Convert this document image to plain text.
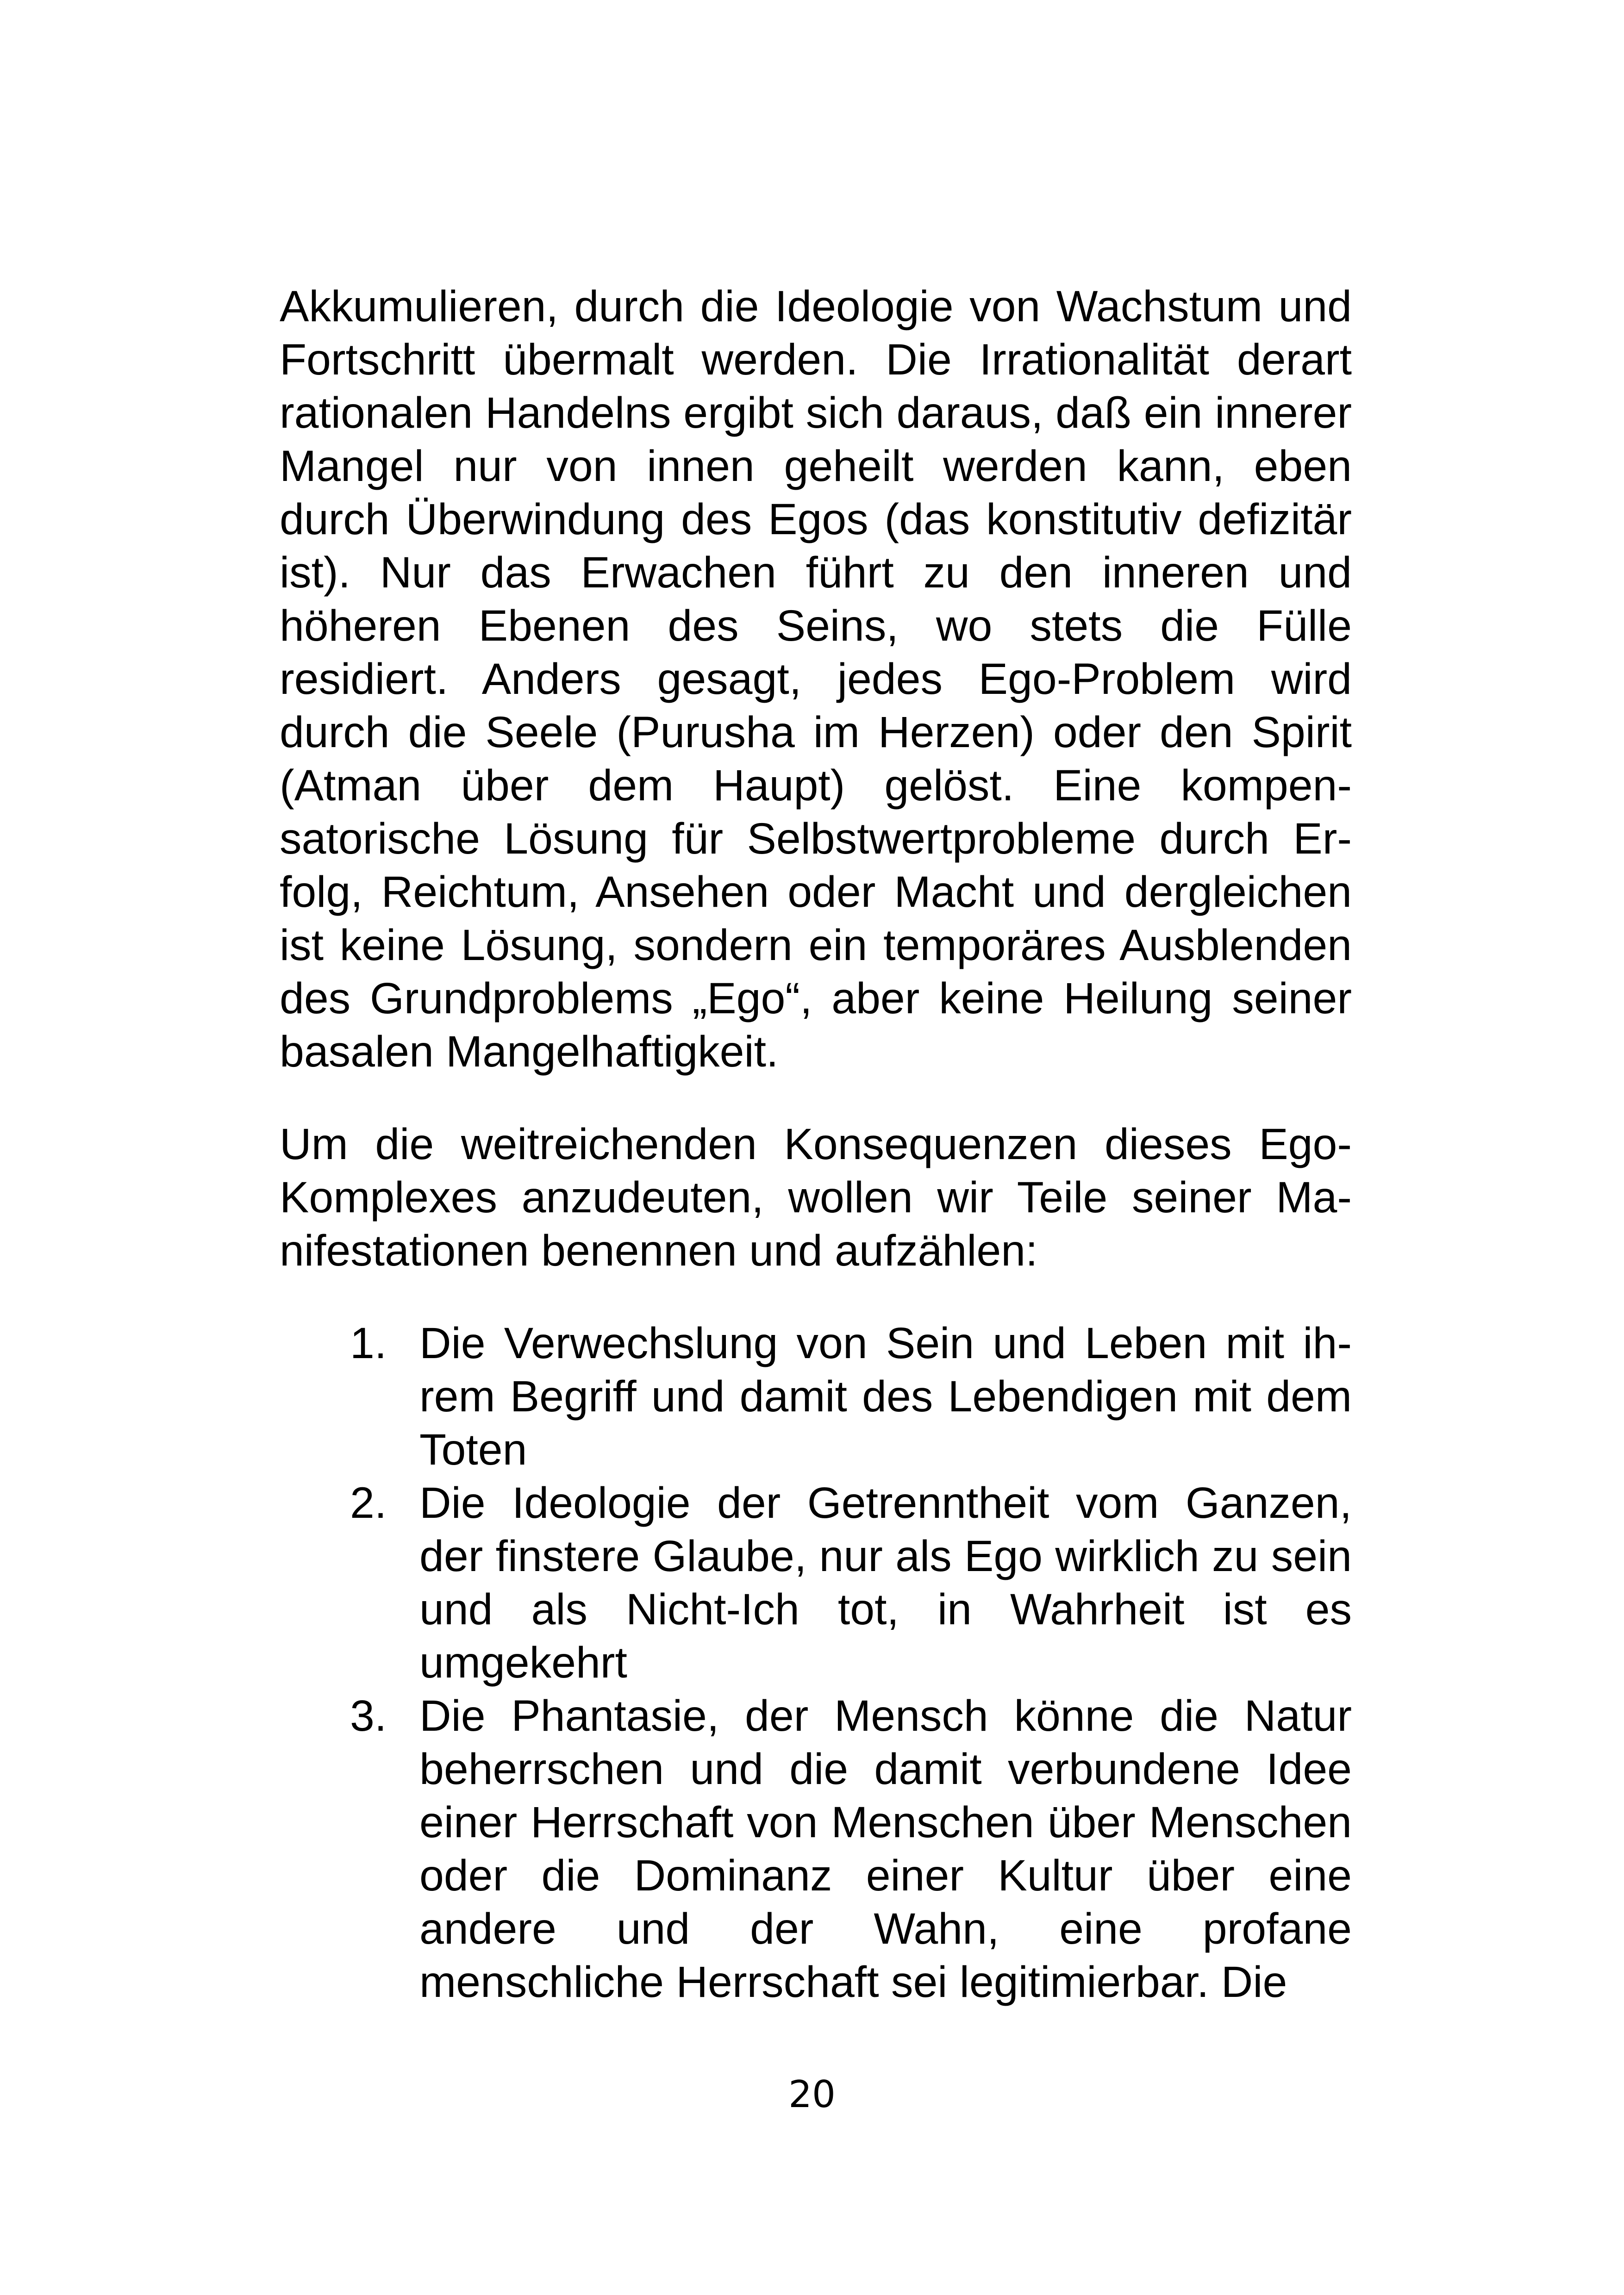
Akkumulieren, durch die Ideologie von Wachstum und Fortschritt übermalt werden. Die Irrationalität derart rationalen Handelns ergibt sich daraus, daß ein innerer Mangel nur von innen geheilt werden kann, eben durch Überwindung des Egos (das konstitutiv defizitär ist). Nur das Erwachen führt zu den inneren und höheren Ebenen des Seins, wo stets die Fülle residiert. Anders gesagt, jedes Ego-Problem wird durch die Seele (Purusha im Herzen) oder den Spirit (Atman über dem Haupt) gelöst. Eine kompensatorische Lösung für Selbstwertprobleme durch Erfolg, Reichtum, Ansehen oder Macht und dergleichen ist keine Lösung, sondern ein temporäres Ausblenden des Grundproblems „Ego“, aber keine Heilung seiner basalen Mangelhaftigkeit.

Um die weitreichenden Konsequenzen dieses Ego-Komplexes anzudeuten, wollen wir Teile seiner Manifestationen benennen und aufzählen:

1. Die Verwechslung von Sein und Leben mit ihrem Begriff und damit des Lebendigen mit dem Toten
2. Die Ideologie der Getrenntheit vom Ganzen, der finstere Glaube, nur als Ego wirklich zu sein und als Nicht-Ich tot, in Wahrheit ist es umgekehrt
3. Die Phantasie, der Mensch könne die Natur beherrschen und die damit verbundene Idee einer Herrschaft von Menschen über Menschen oder die Dominanz einer Kultur über eine andere und der Wahn, eine profane menschliche Herrschaft sei legitimierbar. Die
20
